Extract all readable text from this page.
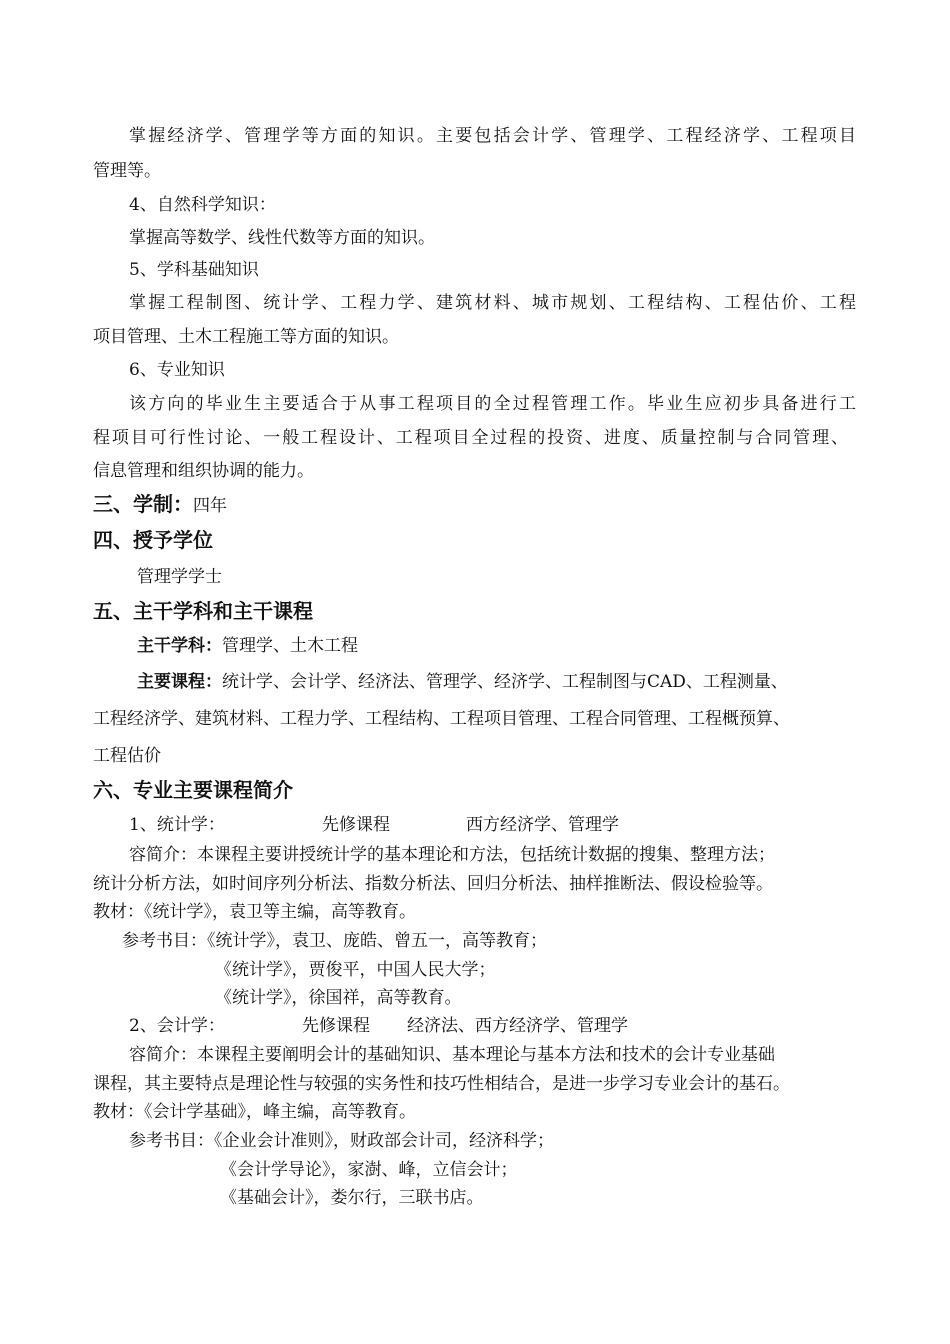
掌握经济学、管理学等方面的知识。主要包括会计学、管理学、工程经济学、工程项目
管理等。
4、自然科学知识：
掌握高等数学、线性代数等方面的知识。
5、学科基础知识
掌握工程制图、统计学、工程力学、建筑材料、城市规划、工程结构、工程估价、工程
项目管理、土木工程施工等方面的知识。
6、专业知识
该方向的毕业生主要适合于从事工程项目的全过程管理工作。毕业生应初步具备进行工
程项目可行性讨论、一般工程设计、工程项目全过程的投资、进度、质量控制与合同管理、
信息管理和组织协调的能力。
三、学制：四年
四、授予学位
管理学学士
五、主干学科和主干课程
主干学科：管理学、土木工程
主要课程：统计学、会计学、经济法、管理学、经济学、工程制图与CAD、工程测量、
工程经济学、建筑材料、工程力学、工程结构、工程项目管理、工程合同管理、工程概预算、
工程估价
六、专业主要课程简介
1、统计学：	先修课程	西方经济学、管理学
容简介：本课程主要讲授统计学的基本理论和方法，包括统计数据的搜集、整理方法；
统计分析方法，如时间序列分析法、指数分析法、回归分析法、抽样推断法、假设检验等。
教材：《统计学》，袁卫等主编，高等教育。
参考书目：《统计学》，袁卫、庞皓、曾五一，高等教育；
《统计学》，贾俊平，中国人民大学；
《统计学》，徐国祥，高等教育。
2、会计学：	先修课程 经济法、西方经济学、管理学
容简介：本课程主要阐明会计的基础知识、基本理论与基本方法和技术的会计专业基础
课程，其主要特点是理论性与较强的实务性和技巧性相结合，是进一步学习专业会计的基石。
教材：《会计学基础》，峰主编，高等教育。
参考书目：《企业会计准则》，财政部会计司，经济科学；
《会计学导论》，家澍、峰，立信会计；
《基础会计》，娄尔行，三联书店。
